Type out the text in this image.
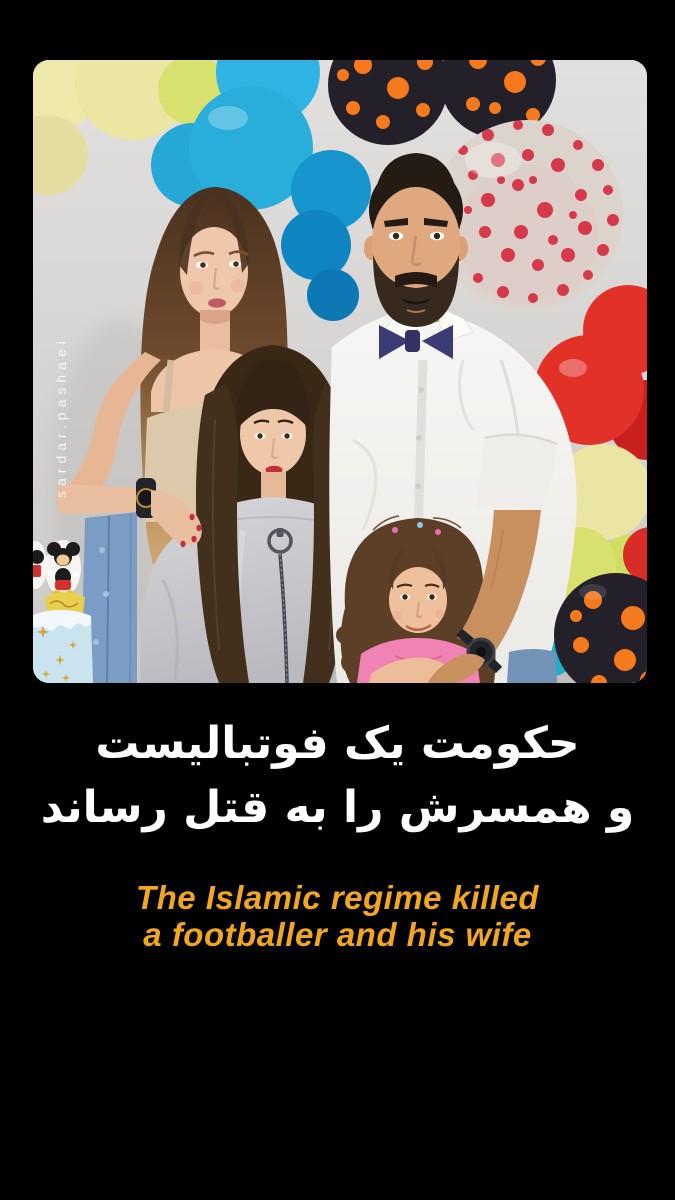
sardar.pashaei
حکومت یک فوتبالیست
و همسرش را به قتل رساند
The Islamic regime killed
a footballer and his wife
